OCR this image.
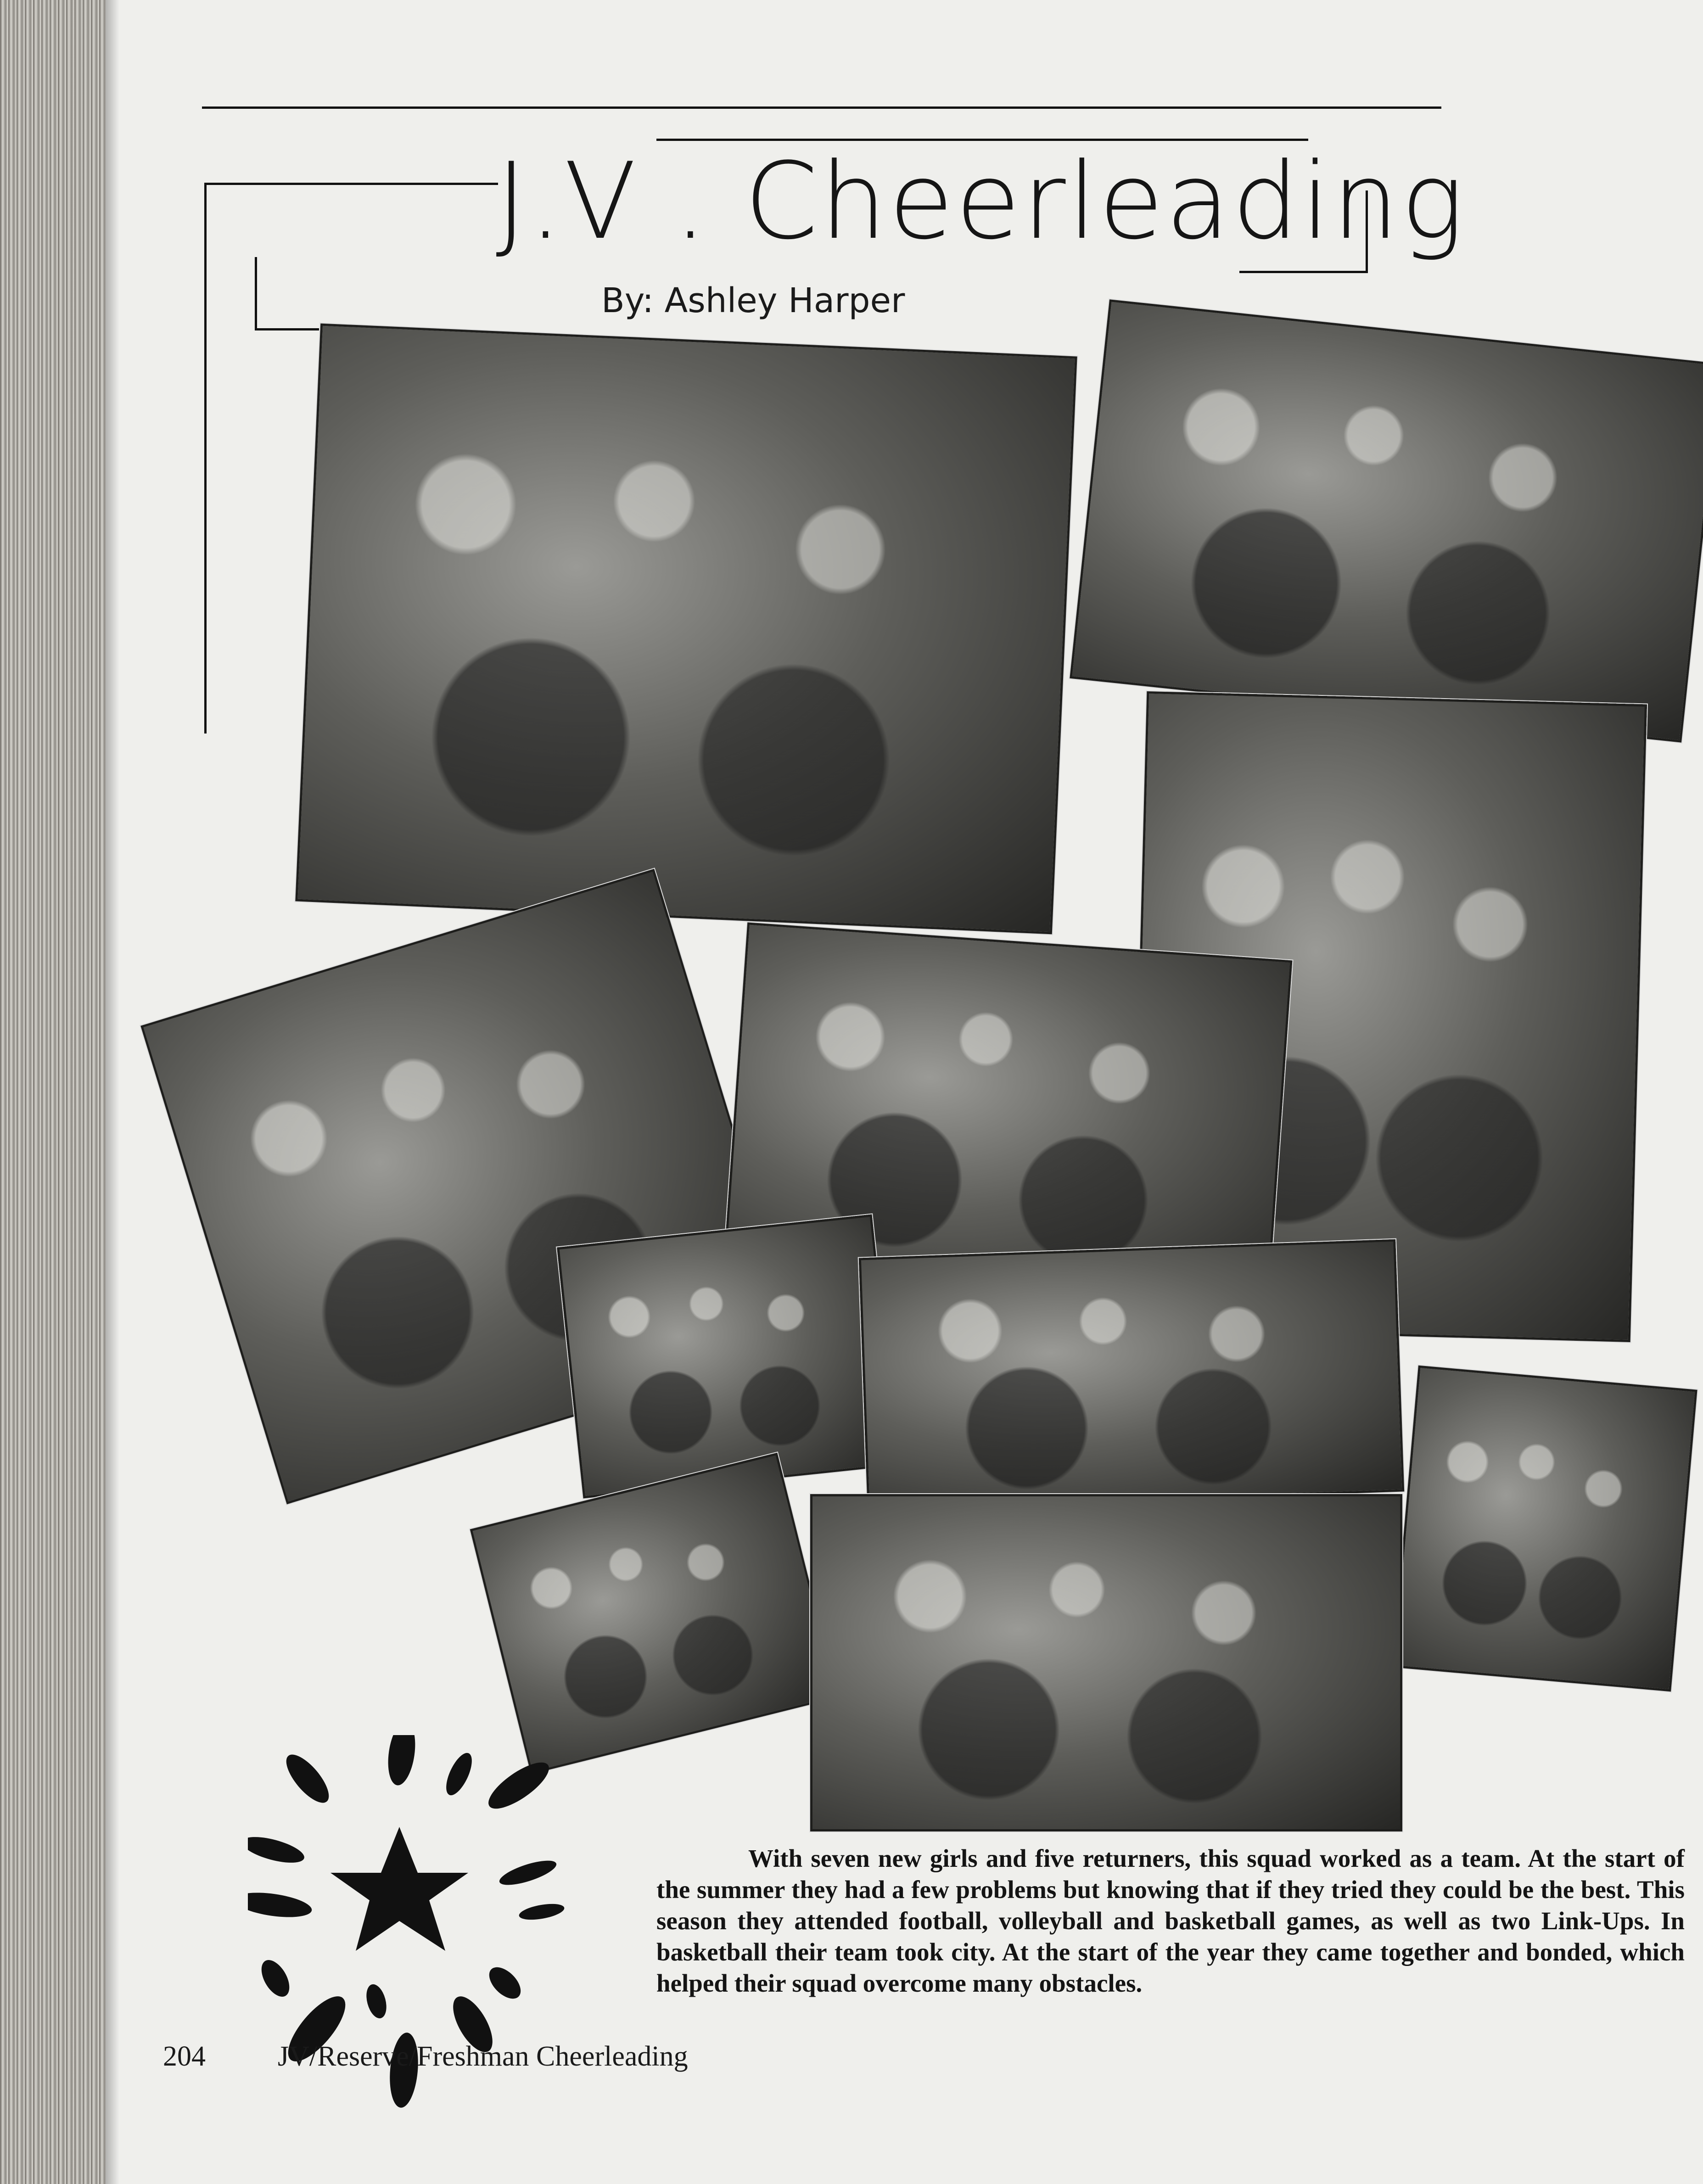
J.V . Cheerleading
By: Ashley Harper
With seven new girls and five returners, this squad worked as a team. At the start of the summer they had a few problems but knowing that if they tried they could be the best. This season they attended football, volleyball and basketball games, as well as two Link-Ups. In basketball their team took city. At the start of the year they came together and bonded, which helped their squad overcome many obstacles.
204	JV/Reserve/Freshman Cheerleading
